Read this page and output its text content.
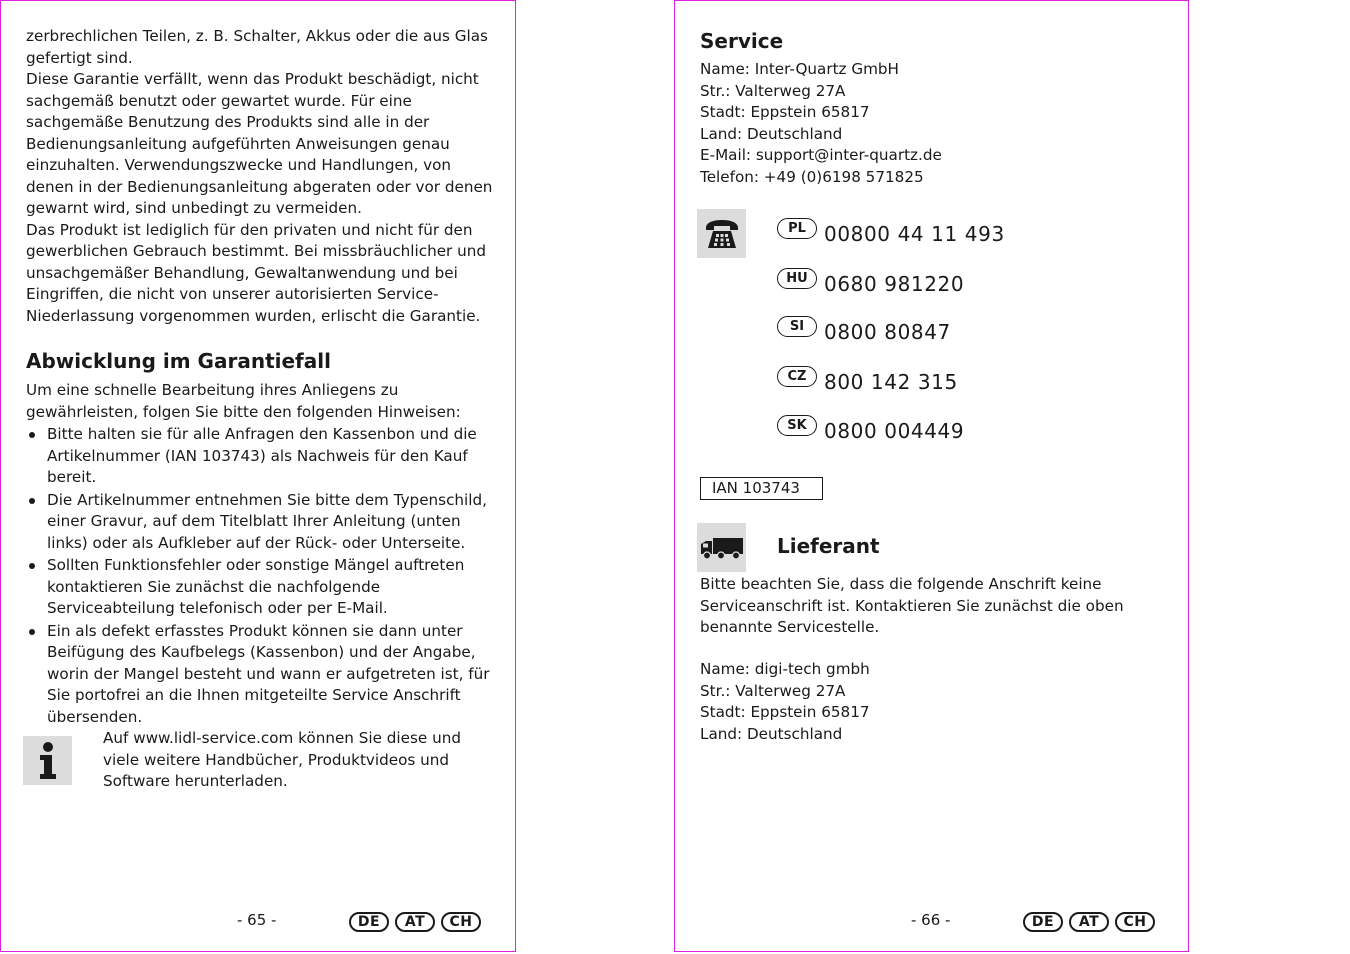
zerbrechlichen Teilen, z. B. Schalter, Akkus oder die aus Glas gefertigt sind.

Diese Garantie verfällt, wenn das Produkt beschädigt, nicht sachgemäß benutzt oder gewartet wurde. Für eine sachgemäße Benutzung des Produkts sind alle in der Bedienungsanleitung aufgeführten Anweisungen genau einzuhalten. Verwendungszwecke und Handlungen, von denen in der Bedienungsanleitung abgeraten oder vor denen gewarnt wird, sind unbedingt zu vermeiden.

Das Produkt ist lediglich für den privaten und nicht für den gewerblichen Gebrauch bestimmt. Bei missbräuchlicher und unsachgemäßer Behandlung, Gewaltanwendung und bei Eingriffen, die nicht von unserer autorisierten Service-Niederlassung vorgenommen wurden, erlischt die Garantie.

Abwicklung im Garantiefall

Um eine schnelle Bearbeitung ihres Anliegens zu gewährleisten, folgen Sie bitte den folgenden Hinweisen:

Bitte halten sie für alle Anfragen den Kassenbon und die Artikelnummer (IAN 103743) als Nachweis für den Kauf bereit.
Die Artikelnummer entnehmen Sie bitte dem Typenschild, einer Gravur, auf dem Titelblatt Ihrer Anleitung (unten links) oder als Aufkleber auf der Rück- oder Unterseite.
Sollten Funktionsfehler oder sonstige Mängel auftreten kontaktieren Sie zunächst die nachfolgende Serviceabteilung telefonisch oder per E-Mail.
Ein als defekt erfasstes Produkt können sie dann unter Beifügung des Kaufbelegs (Kassenbon) und der Angabe, worin der Mangel besteht und wann er aufgetreten ist, für Sie portofrei an die Ihnen mitgeteilte Service Anschrift übersenden.
Auf www.lidl-service.com können Sie diese und viele weitere Handbücher, Produktvideos und Software herunterladen.
- 65 -	DE	AT	CH
Service

Name: Inter-Quartz GmbH

Str.: Valterweg 27A

Stadt: Eppstein 65817

Land: Deutschland

E-Mail: support@inter-quartz.de

Telefon: +49 (0)6198 571825

PL 00800 44 11 493
HU 0680 981220
SI 0800 80847
CZ 800 142 315
SK 0800 004449
IAN 103743
Lieferant
Bitte beachten Sie, dass die folgende Anschrift keine Serviceanschrift ist. Kontaktieren Sie zunächst die oben benannte Servicestelle.

Name: digi-tech gmbh

Str.: Valterweg 27A

Stadt: Eppstein 65817

Land: Deutschland

- 66 -	DE	AT	CH
